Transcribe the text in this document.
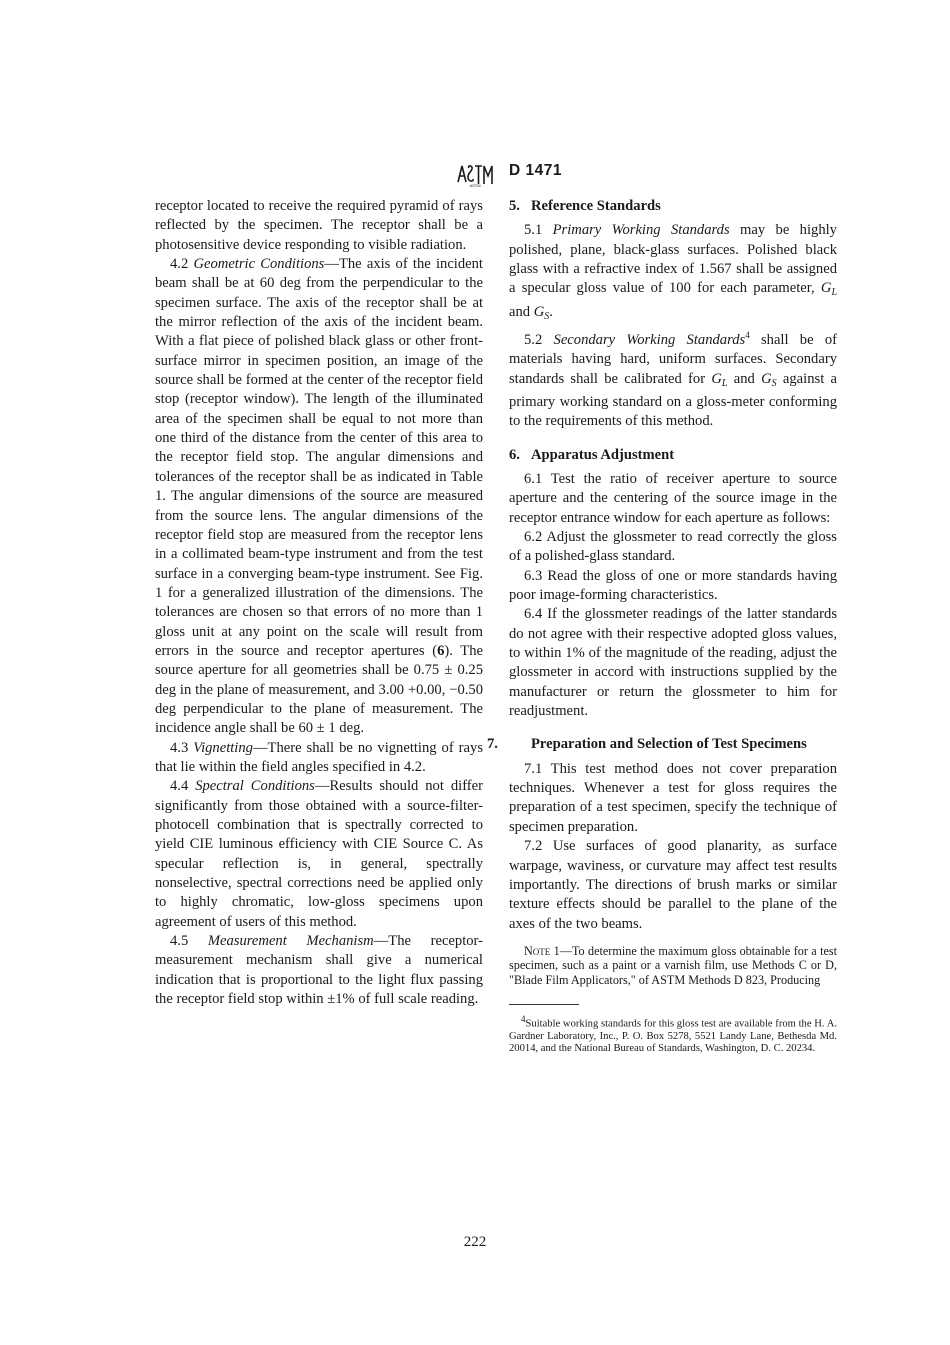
ASTM
D 1471

receptor located to receive the required pyramid of rays reflected by the specimen. The receptor shall be a photosensitive device responding to visible radiation.

4.2 Geometric Conditions—The axis of the incident beam shall be at 60 deg from the perpendicular to the specimen surface. The axis of the receptor shall be at the mirror reflection of the axis of the incident beam. With a flat piece of polished black glass or other front-surface mirror in specimen position, an image of the source shall be formed at the center of the receptor field stop (receptor window). The length of the illuminated area of the specimen shall be equal to not more than one third of the distance from the center of this area to the receptor field stop. The angular dimensions and tolerances of the receptor shall be as indicated in Table 1. The angular dimensions of the source are measured from the source lens. The angular dimensions of the receptor field stop are measured from the receptor lens in a collimated beam-type instrument and from the test surface in a converging beam-type instrument. See Fig. 1 for a generalized illustration of the dimensions. The tolerances are chosen so that errors of no more than 1 gloss unit at any point on the scale will result from errors in the source and receptor apertures (6). The source aperture for all geometries shall be 0.75 ± 0.25 deg in the plane of measurement, and 3.00 +0.00, −0.50 deg perpendicular to the plane of measurement. The incidence angle shall be 60 ± 1 deg.

4.3 Vignetting—There shall be no vignetting of rays that lie within the field angles specified in 4.2.

4.4 Spectral Conditions—Results should not differ significantly from those obtained with a source-filter-photocell combination that is spectrally corrected to yield CIE luminous efficiency with CIE Source C. As specular reflection is, in general, spectrally nonselective, spectral corrections need be applied only to highly chromatic, low-gloss specimens upon agreement of users of this method.

4.5 Measurement Mechanism—The receptor-measurement mechanism shall give a numerical indication that is proportional to the light flux passing the receptor field stop within ±1% of full scale reading.

5. Reference Standards

5.1 Primary Working Standards may be highly polished, plane, black-glass surfaces. Polished black glass with a refractive index of 1.567 shall be assigned a specular gloss value of 100 for each parameter, $G_L$ and $G_S$.

5.2 Secondary Working Standards$^4$ shall be of materials having hard, uniform surfaces. Secondary standards shall be calibrated for $G_L$ and $G_S$ against a primary working standard on a gloss-meter conforming to the requirements of this method.

6. Apparatus Adjustment

6.1 Test the ratio of receiver aperture to source aperture and the centering of the source image in the receptor entrance window for each aperture as follows:

6.2 Adjust the glossmeter to read correctly the gloss of a polished-glass standard.

6.3 Read the gloss of one or more standards having poor image-forming characteristics.

6.4 If the glossmeter readings of the latter standards do not agree with their respective adopted gloss values, to within 1% of the magnitude of the reading, adjust the glossmeter in accord with instructions supplied by the manufacturer or return the glossmeter to him for readjustment.

7. Preparation and Selection of Test Specimens

7.1 This test method does not cover preparation techniques. Whenever a test for gloss requires the preparation of a test specimen, specify the technique of specimen preparation.

7.2 Use surfaces of good planarity, as surface warpage, waviness, or curvature may affect test results importantly. The directions of brush marks or similar texture effects should be parallel to the plane of the axes of the two beams.

Note 1—To determine the maximum gloss obtainable for a test specimen, such as a paint or a varnish film, use Methods C or D, "Blade Film Applicators," of ASTM Methods D 823, Producing

$^4$Suitable working standards for this gloss test are available from the H. A. Gardner Laboratory, Inc., P. O. Box 5278, 5521 Landy Lane, Bethesda Md. 20014, and the National Bureau of Standards, Washington, D. C. 20234.

222
